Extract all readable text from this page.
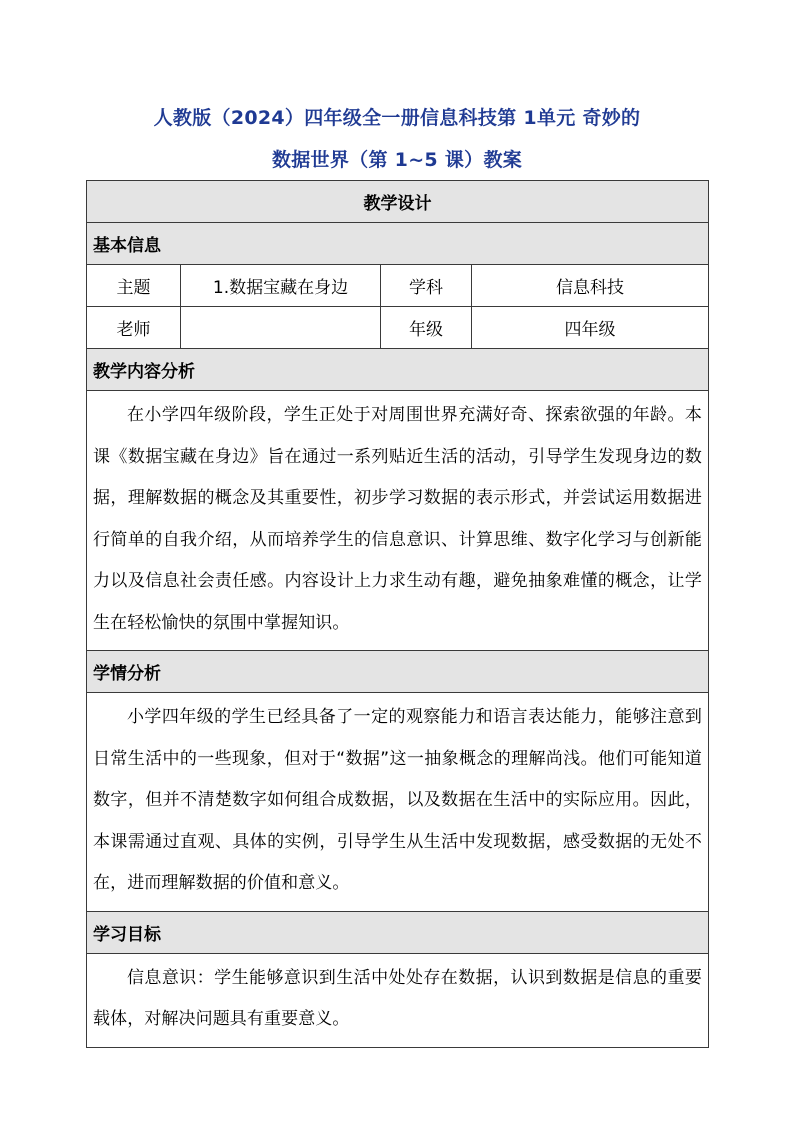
人教版（2024）四年级全一册信息科技第 1单元 奇妙的
数据世界（第 1~5 课）教案
教学设计			
基本信息			
主题	1.数据宝藏在身边	学科	信息科技
老师		年级	四年级
教学内容分析			

在小学四年级阶段，学生正处于对周围世界充满好奇、探索欲强的年龄。本课《数据宝藏在身边》旨在通过一系列贴近生活的活动，引导学生发现身边的数据，理解数据的概念及其重要性，初步学习数据的表示形式，并尝试运用数据进行简单的自我介绍，从而培养学生的信息意识、计算思维、数字化学习与创新能力以及信息社会责任感。内容设计上力求生动有趣，避免抽象难懂的概念，让学生在轻松愉快的氛围中掌握知识。			

学情分析			

小学四年级的学生已经具备了一定的观察能力和语言表达能力，能够注意到日常生活中的一些现象，但对于“数据”这一抽象概念的理解尚浅。他们可能知道数字，但并不清楚数字如何组合成数据，以及数据在生活中的实际应用。因此，本课需通过直观、具体的实例，引导学生从生活中发现数据，感受数据的无处不在，进而理解数据的价值和意义。			

学习目标			

信息意识：学生能够意识到生活中处处存在数据，认识到数据是信息的重要载体，对解决问题具有重要意义。			
